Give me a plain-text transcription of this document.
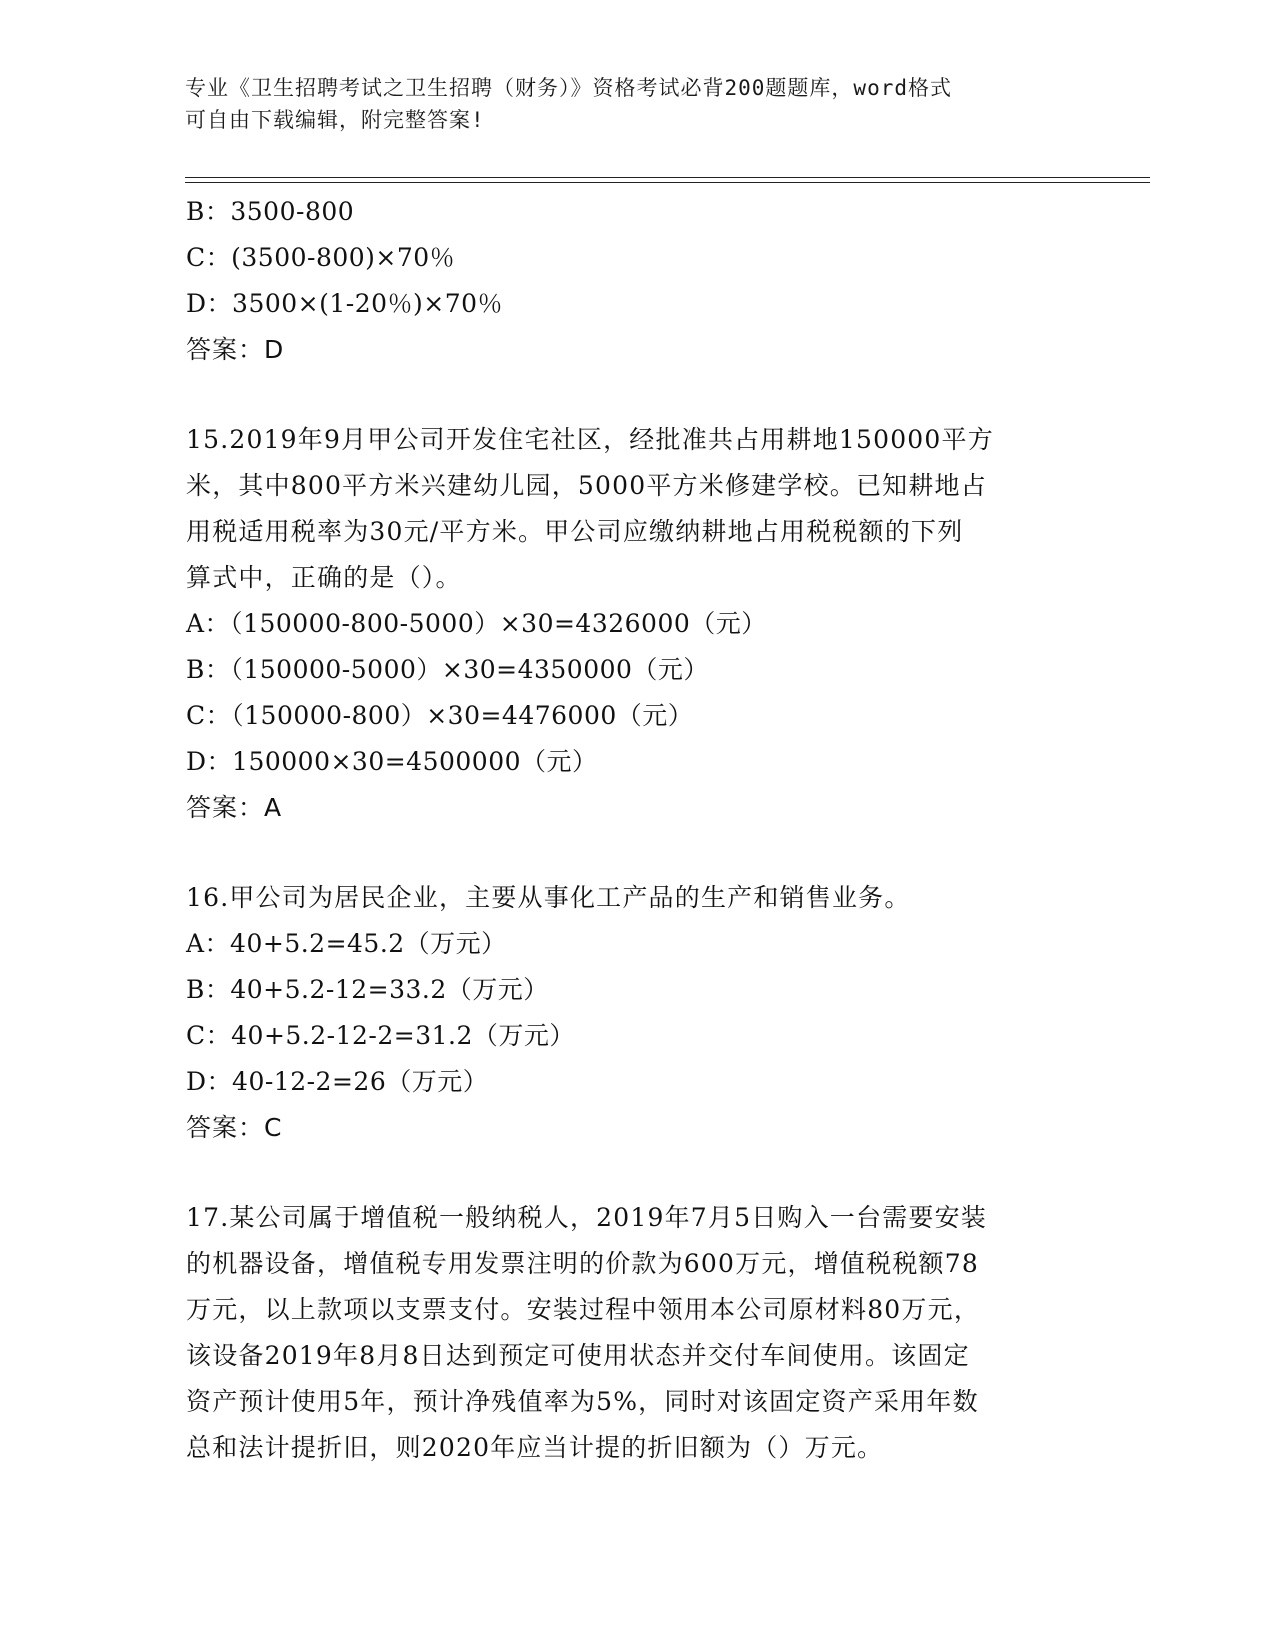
专业《卫生招聘考试之卫生招聘（财务）》资格考试必背200题题库，word格式
可自由下载编辑，附完整答案!
B：3500-800
C：(3500-800)×70％
D：3500×(1-20％)×70％
答案：D
15.2019年9月甲公司开发住宅社区，经批准共占用耕地150000平方
米，其中800平方米兴建幼儿园，5000平方米修建学校。已知耕地占
用税适用税率为30元/平方米。甲公司应缴纳耕地占用税税额的下列
算式中，正确的是（）。
A：（150000-800-5000）×30=4326000（元）
B：（150000-5000）×30=4350000（元）
C：（150000-800）×30=4476000（元）
D：150000×30=4500000（元）
答案：A
16.甲公司为居民企业，主要从事化工产品的生产和销售业务。
A：40+5.2=45.2（万元）
B：40+5.2-12=33.2（万元）
C：40+5.2-12-2=31.2（万元）
D：40-12-2=26（万元）
答案：C
17.某公司属于增值税一般纳税人，2019年7月5日购入一台需要安装
的机器设备，增值税专用发票注明的价款为600万元，增值税税额78
万元，以上款项以支票支付。安装过程中领用本公司原材料80万元，
该设备2019年8月8日达到预定可使用状态并交付车间使用。该固定
资产预计使用5年，预计净残值率为5%，同时对该固定资产采用年数
总和法计提折旧，则2020年应当计提的折旧额为（）万元。
